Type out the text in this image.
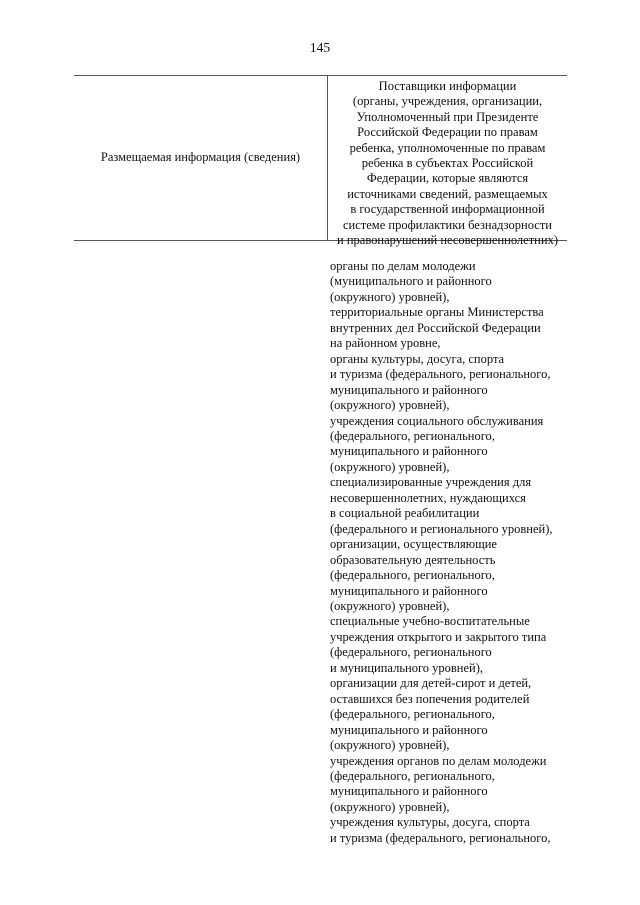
145
Размещаемая информация (сведения)
Поставщики информации
(органы, учреждения, организации,
Уполномоченный при Президенте
Российской Федерации по правам
ребенка, уполномоченные по правам
ребенка в субъектах Российской
Федерации, которые являются
источниками сведений, размещаемых
в государственной информационной
системе профилактики безнадзорности
и правонарушений несовершеннолетних)
органы по делам молодежи
(муниципального и районного
(окружного) уровней),
территориальные органы Министерства
внутренних дел Российской Федерации
на районном уровне,
органы культуры, досуга, спорта
и туризма (федерального, регионального,
муниципального и районного
(окружного) уровней),
учреждения социального обслуживания
(федерального, регионального,
муниципального и районного
(окружного) уровней),
специализированные учреждения для
несовершеннолетних, нуждающихся
в социальной реабилитации
(федерального и регионального уровней),
организации, осуществляющие
образовательную деятельность
(федерального, регионального,
муниципального и районного
(окружного) уровней),
специальные учебно-воспитательные
учреждения открытого и закрытого типа
(федерального, регионального
и муниципального уровней),
организации для детей-сирот и детей,
оставшихся без попечения родителей
(федерального, регионального,
муниципального и районного
(окружного) уровней),
учреждения органов по делам молодежи
(федерального, регионального,
муниципального и районного
(окружного) уровней),
учреждения культуры, досуга, спорта
и туризма (федерального, регионального,
